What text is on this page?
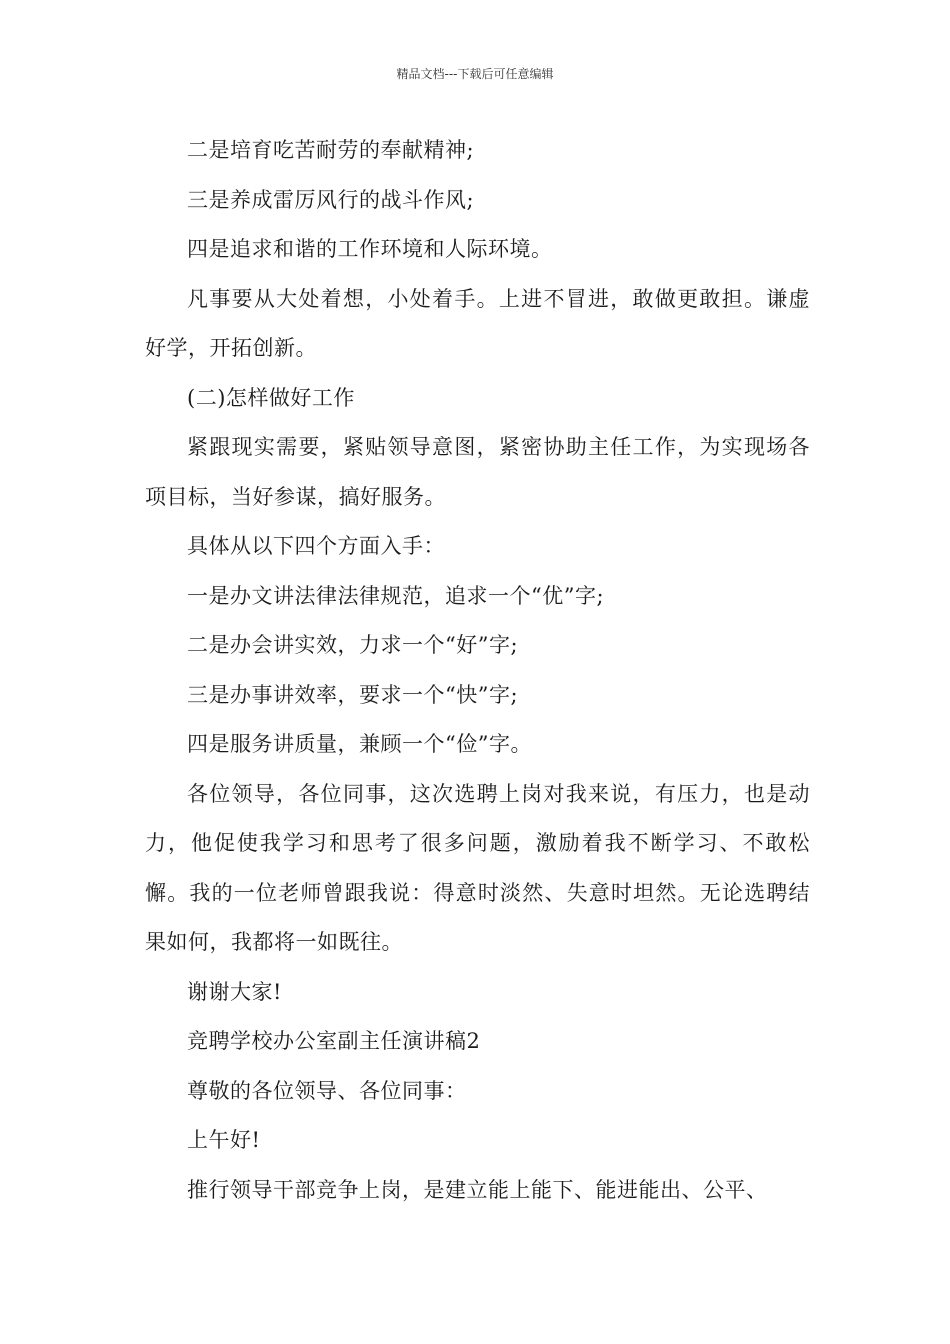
精品文档---下载后可任意编辑

二是培育吃苦耐劳的奉献精神;

三是养成雷厉风行的战斗作风;

四是追求和谐的工作环境和人际环境。

凡事要从大处着想，小处着手。上进不冒进，敢做更敢担。谦虚好学，开拓创新。

(二)怎样做好工作

紧跟现实需要，紧贴领导意图，紧密协助主任工作，为实现场各项目标，当好参谋，搞好服务。

具体从以下四个方面入手：

一是办文讲法律法律规范，追求一个“优”字;

二是办会讲实效，力求一个“好”字;

三是办事讲效率，要求一个“快”字;

四是服务讲质量，兼顾一个“俭”字。

各位领导，各位同事，这次选聘上岗对我来说，有压力，也是动力，他促使我学习和思考了很多问题，激励着我不断学习、不敢松懈。我的一位老师曾跟我说：得意时淡然、失意时坦然。无论选聘结果如何，我都将一如既往。

谢谢大家!

竞聘学校办公室副主任演讲稿2

尊敬的各位领导、各位同事：

上午好!

推行领导干部竞争上岗，是建立能上能下、能进能出、公平、
